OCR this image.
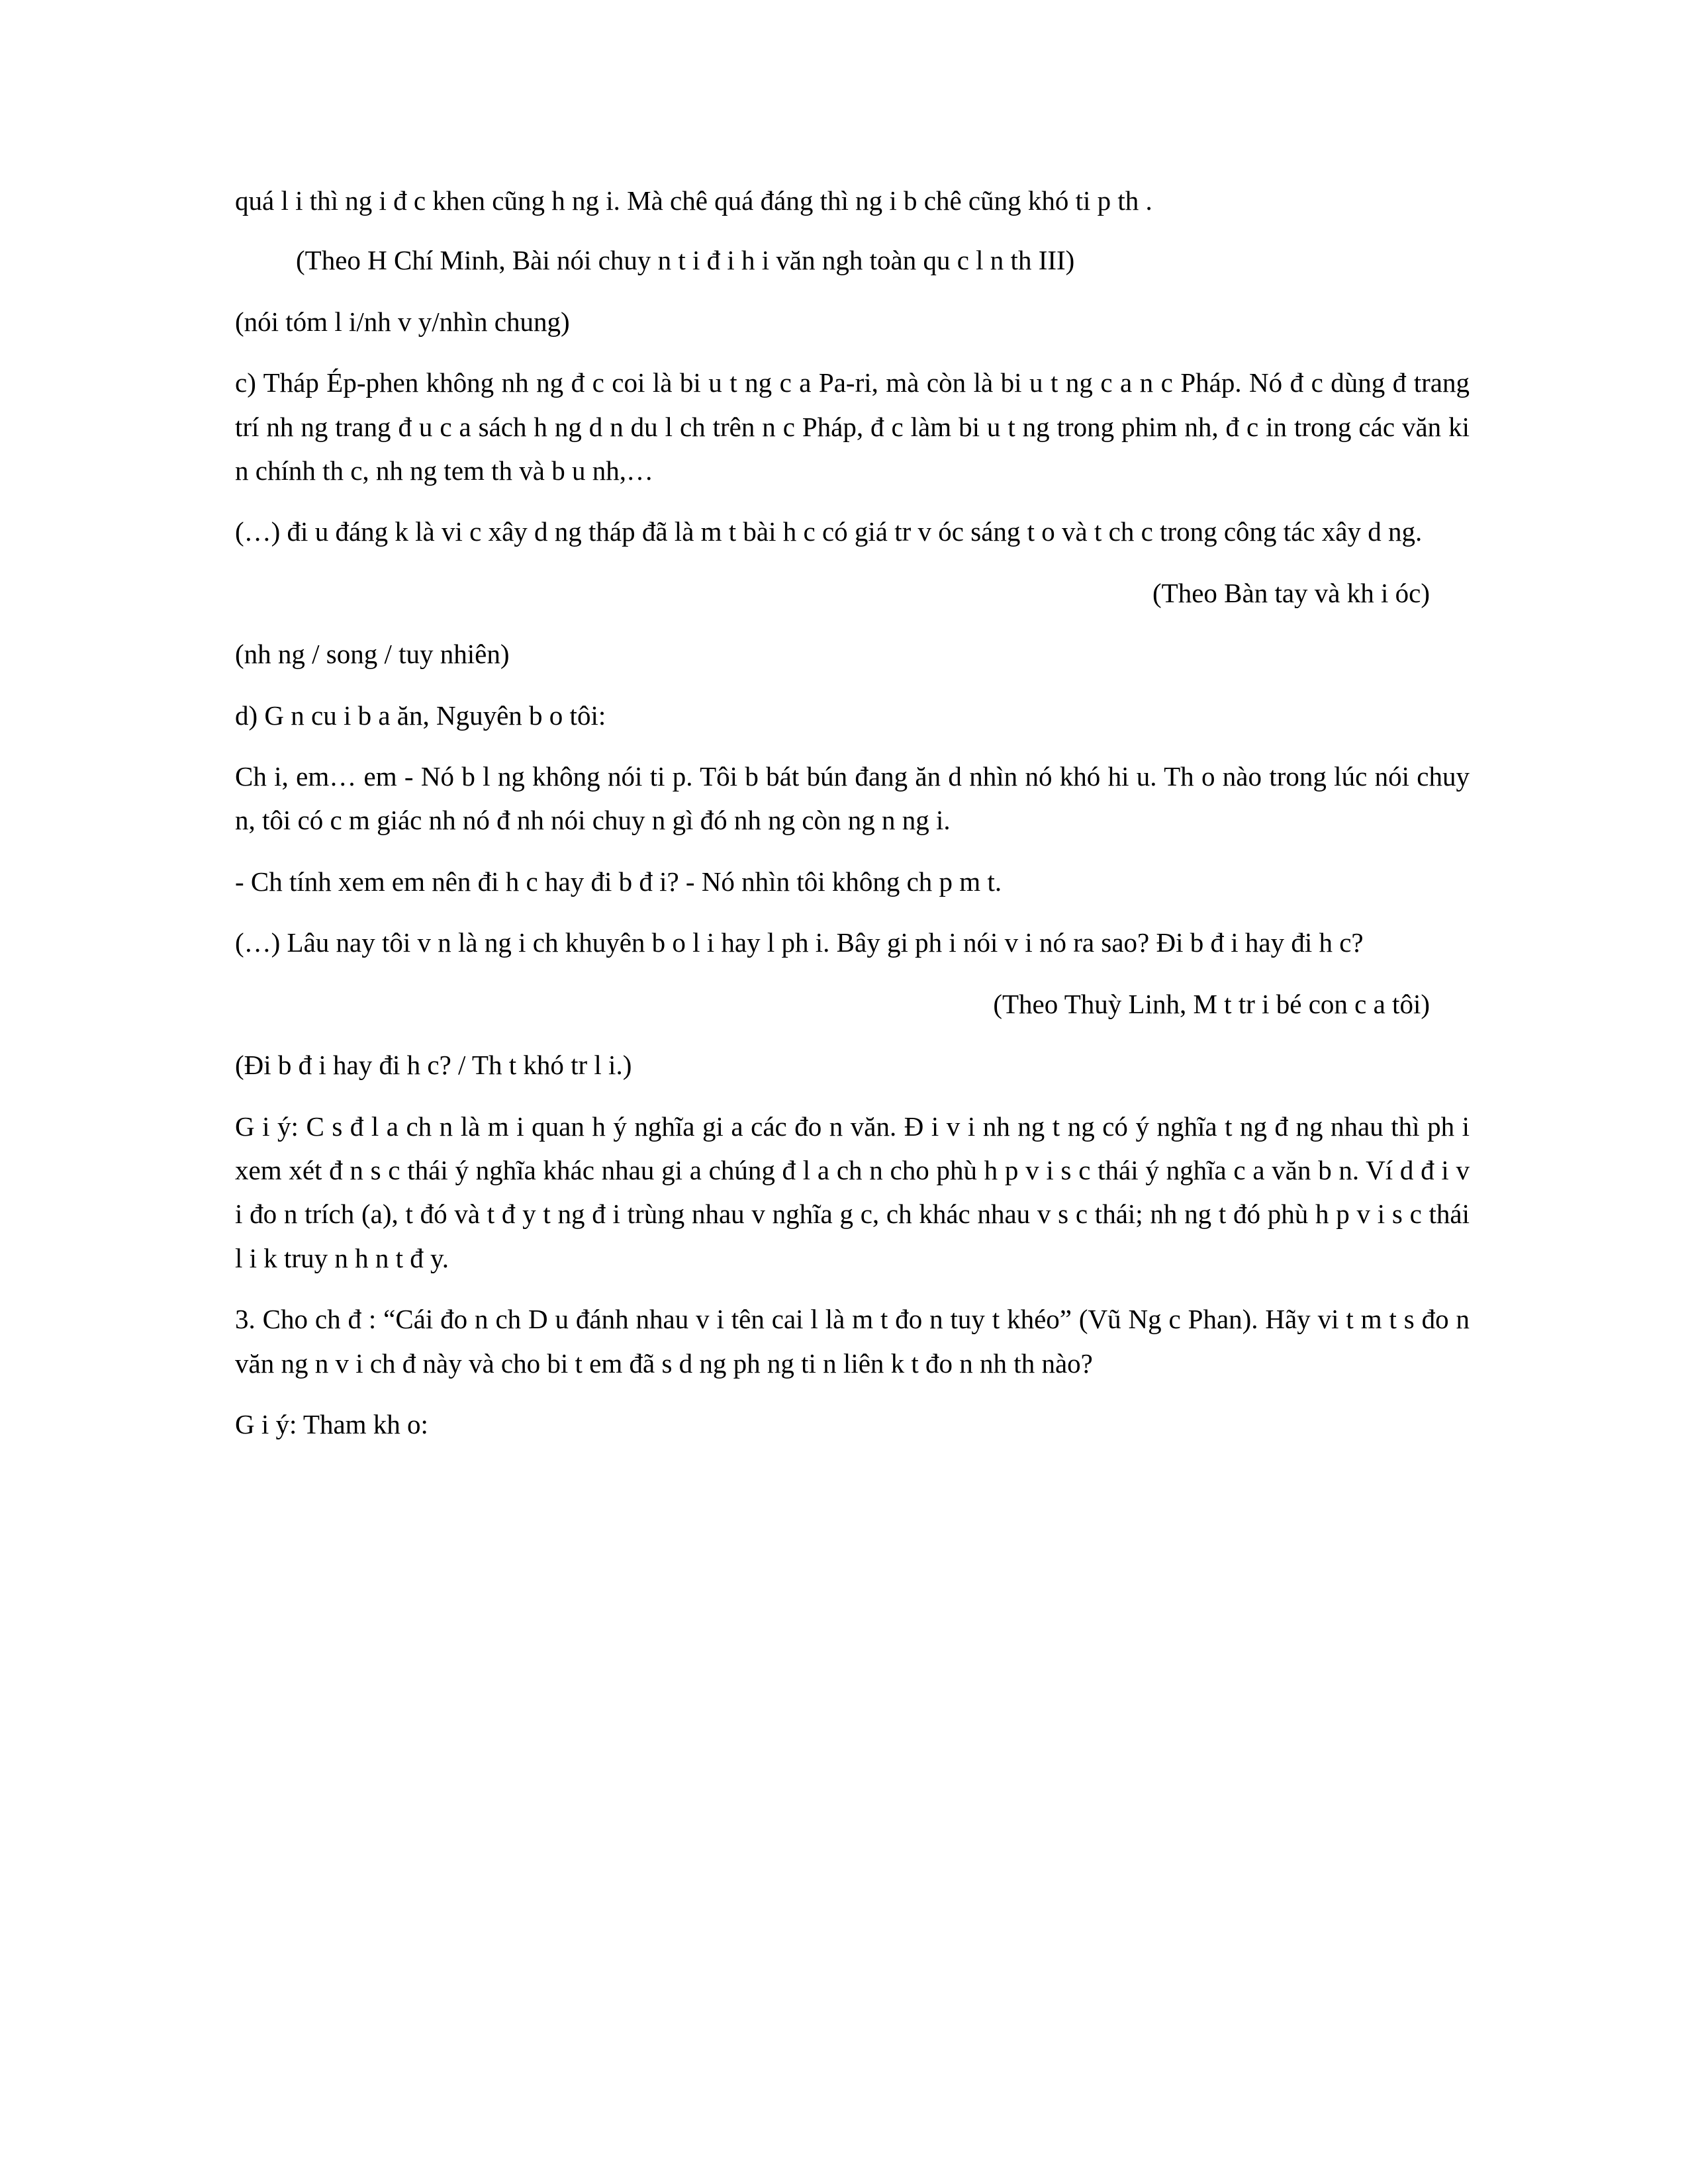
quá l i thì ng i đ c khen cũng h ng i. Mà chê quá đáng thì ng i b chê cũng khó ti p th .

(Theo H Chí Minh, Bài nói chuy n t i đ i h i văn ngh toàn qu c l n th III)

(nói tóm l i/nh v y/nhìn chung)

c) Tháp Ép-phen không nh ng đ c coi là bi u t ng c a Pa-ri, mà còn là bi u t ng c a n c Pháp. Nó đ c dùng đ trang trí nh ng trang đ u c a sách h ng d n du l ch trên n c Pháp, đ c làm bi u t ng trong phim nh, đ c in trong các văn ki n chính th c, nh ng tem th và b u nh,…

(…) đi u đáng k là vi c xây d ng tháp đã là m t bài h c có giá tr v óc sáng t o và t ch c trong công tác xây d ng.

(Theo Bàn tay và kh i óc)

(nh ng / song / tuy nhiên)

d) G n cu i b a ăn, Nguyên b o tôi:

Ch i, em… em - Nó b l ng không nói ti p. Tôi b bát bún đang ăn d nhìn nó khó hi u. Th o nào trong lúc nói chuy n, tôi có c m giác nh nó đ nh nói chuy n gì đó nh ng còn ng n ng i.

- Ch tính xem em nên đi h c hay đi b đ i? - Nó nhìn tôi không ch p m t.

(…) Lâu nay tôi v n là ng i ch khuyên b o l i hay l ph i. Bây gi ph i nói v i nó ra sao? Đi b đ i hay đi h c?

(Theo Thuỳ Linh, M t tr i bé con c a tôi)

(Đi b đ i hay đi h c? / Th t khó tr l i.)

G i ý: C s đ l a ch n là m i quan h ý nghĩa gi a các đo n văn. Đ i v i nh ng t ng có ý nghĩa t ng đ ng nhau thì ph i xem xét đ n s c thái ý nghĩa khác nhau gi a chúng đ l a ch n cho phù h p v i s c thái ý nghĩa c a văn b n. Ví d đ i v i đo n trích (a), t đó và t đ y t ng đ i trùng nhau v nghĩa g c, ch khác nhau v s c thái; nh ng t đó phù h p v i s c thái l i k truy n h n t đ y.

3. Cho ch đ : “Cái đo n ch D u đánh nhau v i tên cai l là m t đo n tuy t khéo” (Vũ Ng c Phan). Hãy vi t m t s đo n văn ng n v i ch đ này và cho bi t em đã s d ng ph ng ti n liên k t đo n nh th nào?

G i ý: Tham kh o:
